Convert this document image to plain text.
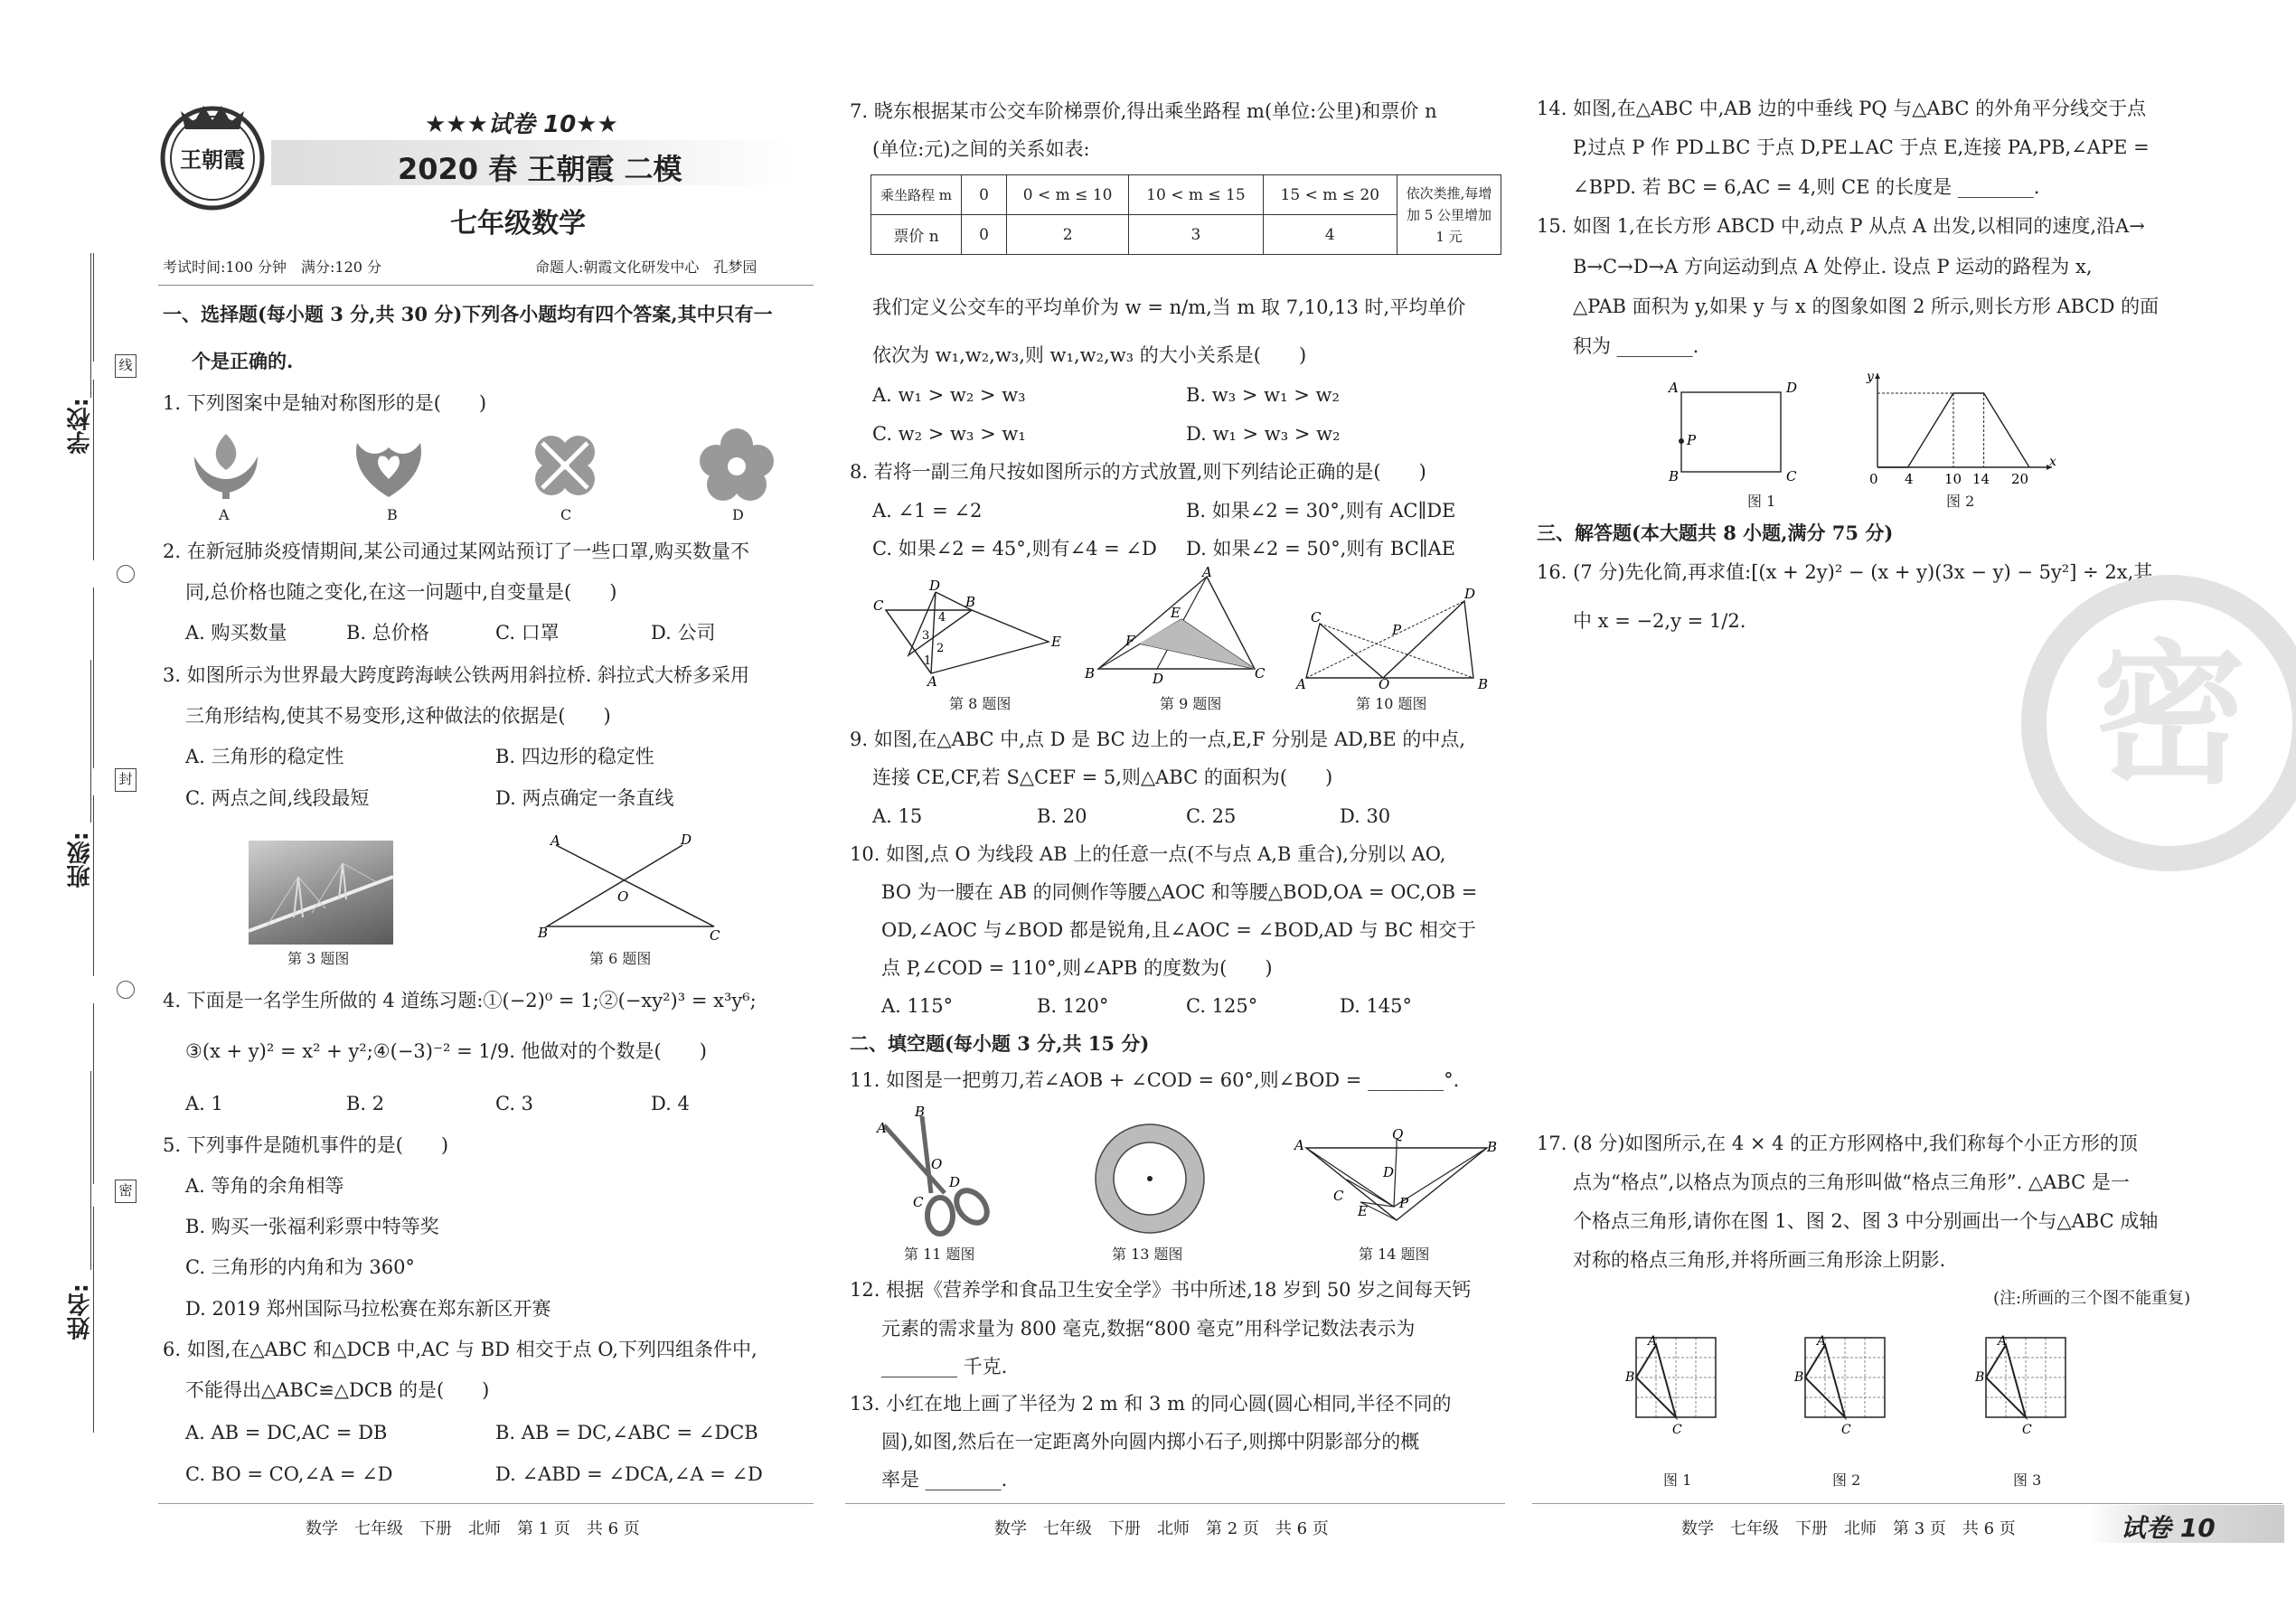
线
封
密
学校:
班级:
姓名:
王朝霞
★★★试卷 10★★
2020 春 王朝霞 二模
七年级数学
考试时间:100 分钟　满分:120 分	命题人:朝霞文化研发中心　孔梦园
一、选择题(每小题 3 分,共 30 分)下列各小题均有四个答案,其中只有一
个是正确的.
1. 下列图案中是轴对称图形的是(　　)
A	B	C	D
2. 在新冠肺炎疫情期间,某公司通过某网站预订了一些口罩,购买数量不
同,总价格也随之变化,在这一问题中,自变量是(　　)
A. 购买数量	B. 总价格	C. 口罩	D. 公司
3. 如图所示为世界最大跨度跨海峡公铁两用斜拉桥. 斜拉式大桥多采用
三角形结构,使其不易变形,这种做法的依据是(　　)
A. 三角形的稳定性	B. 四边形的稳定性
C. 两点之间,线段最短	D. 两点确定一条直线
A	D
B	C
O
第 3 题图	第 6 题图
4. 下面是一名学生所做的 4 道练习题:①(−2)⁰ = 1;②(−xy²)³ = x³y⁶;
③(x + y)² = x² + y²;④(−3)⁻² = 1/9. 他做对的个数是(　　)
A. 1	B. 2	C. 3	D. 4
5. 下列事件是随机事件的是(　　)
A. 等角的余角相等
B. 购买一张福利彩票中特等奖
C. 三角形的内角和为 360°
D. 2019 郑州国际马拉松赛在郑东新区开赛
6. 如图,在△ABC 和△DCB 中,AC 与 BD 相交于点 O,下列四组条件中,
不能得出△ABC≌△DCB 的是(　　)
A. AB = DC,AC = DB	B. AB = DC,∠ABC = ∠DCB
C. BO = CO,∠A = ∠D	D. ∠ABD = ∠DCA,∠A = ∠D
数学　七年级　下册　北师　第 1 页　共 6 页
7. 晓东根据某市公交车阶梯票价,得出乘坐路程 m(单位:公里)和票价 n
(单位:元)之间的关系如表:
乘坐路程 m	0	0 < m ≤ 10	10 < m ≤ 15	15 < m ≤ 20	依次类推,每增加 5 公里增加 1 元
票价 n	0	2	3	4	
我们定义公交车的平均单价为 w = n/m,当 m 取 7,10,13 时,平均单价
依次为 w₁,w₂,w₃,则 w₁,w₂,w₃ 的大小关系是(　　)
A. w₁ > w₂ > w₃	B. w₃ > w₁ > w₂
C. w₂ > w₃ > w₁	D. w₁ > w₃ > w₂
8. 若将一副三角尺按如图所示的方式放置,则下列结论正确的是(　　)
A. ∠1 = ∠2	B. 如果∠2 = 30°,则有 AC∥DE
C. 如果∠2 = 45°,则有∠4 = ∠D D. 如果∠2 = 50°,则有 BC∥AE
C
D
B
E
A
4
3
2
1
A
B	C
D
E
F
A
C
O
P
D
B
第 8 题图	第 9 题图	第 10 题图
9. 如图,在△ABC 中,点 D 是 BC 边上的一点,E,F 分别是 AD,BE 的中点,
连接 CE,CF,若 S△CEF = 5,则△ABC 的面积为(　　)
A. 15	B. 20	C. 25	D. 30
10. 如图,点 O 为线段 AB 上的任意一点(不与点 A,B 重合),分别以 AO,
BO 为一腰在 AB 的同侧作等腰△AOC 和等腰△BOD,OA = OC,OB =
OD,∠AOC 与∠BOD 都是锐角,且∠AOC = ∠BOD,AD 与 BC 相交于
点 P,∠COD = 110°,则∠APB 的度数为(　　)
A. 115°	B. 120°	C. 125°	D. 145°
二、填空题(每小题 3 分,共 15 分)
11. 如图是一把剪刀,若∠AOB + ∠COD = 60°,则∠BOD = ________°.
A
B
O
C
D
A
Q
B
C
D
E P
第 11 题图	第 13 题图	第 14 题图
12. 根据《营养学和食品卫生安全学》书中所述,18 岁到 50 岁之间每天钙
元素的需求量为 800 毫克,数据“800 毫克”用科学记数法表示为
________ 千克.
13. 小红在地上画了半径为 2 m 和 3 m 的同心圆(圆心相同,半径不同的
圆),如图,然后在一定距离外向圆内掷小石子,则掷中阴影部分的概
率是 ________.
数学　七年级　下册　北师　第 2 页　共 6 页
14. 如图,在△ABC 中,AB 边的中垂线 PQ 与△ABC 的外角平分线交于点
P,过点 P 作 PD⊥BC 于点 D,PE⊥AC 于点 E,连接 PA,PB,∠APE =
∠BPD. 若 BC = 6,AC = 4,则 CE 的长度是 ________.
15. 如图 1,在长方形 ABCD 中,动点 P 从点 A 出发,以相同的速度,沿A→
B→C→D→A 方向运动到点 A 处停止. 设点 P 运动的路程为 x,
△PAB 面积为 y,如果 y 与 x 的图象如图 2 所示,则长方形 ABCD 的面
积为 ________.
A	D
B	C
P
y
x
0 4 10 14 20
图 1	图 2
三、解答题(本大题共 8 小题,满分 75 分)
16. (7 分)先化简,再求值:[(x + 2y)² − (x + y)(3x − y) − 5y²] ÷ 2x,其
中 x = −2,y = 1/2.
密
17. (8 分)如图所示,在 4 × 4 的正方形网格中,我们称每个小正方形的顶
点为“格点”,以格点为顶点的三角形叫做“格点三角形”. △ABC 是一
个格点三角形,请你在图 1、图 2、图 3 中分别画出一个与△ABC 成轴
对称的格点三角形,并将所画三角形涂上阴影.
(注:所画的三个图不能重复)
A
B
C
A
B
C
A
B
C
图 1	图 2	图 3
数学　七年级　下册　北师　第 3 页　共 6 页	试卷 10
